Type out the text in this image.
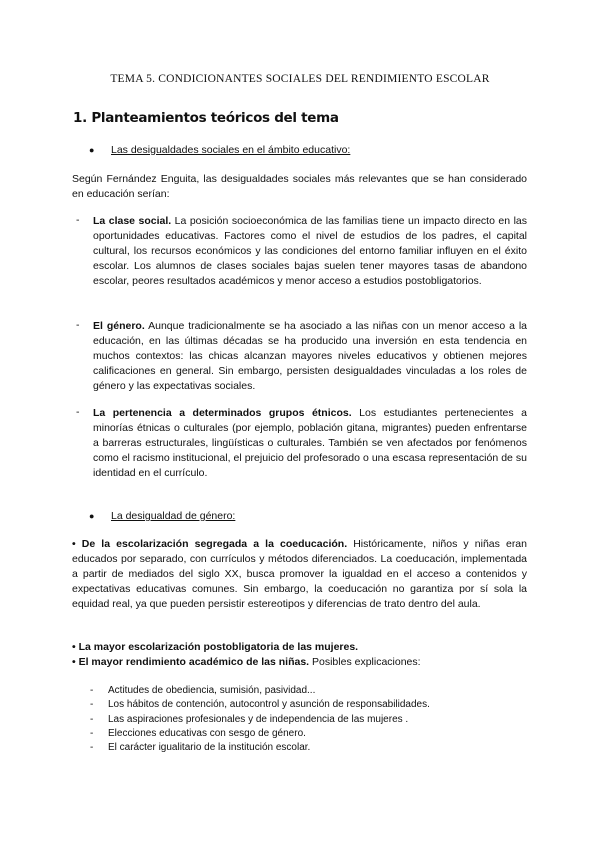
TEMA 5. CONDICIONANTES SOCIALES DEL RENDIMIENTO ESCOLAR
1. Planteamientos teóricos del tema
● Las desigualdades sociales en el ámbito educativo:
Según Fernández Enguita, las desigualdades sociales más relevantes que se han considerado en educación serían:
- La clase social. La posición socioeconómica de las familias tiene un impacto directo en las oportunidades educativas. Factores como el nivel de estudios de los padres, el capital cultural, los recursos económicos y las condiciones del entorno familiar influyen en el éxito escolar. Los alumnos de clases sociales bajas suelen tener mayores tasas de abandono escolar, peores resultados académicos y menor acceso a estudios postobligatorios.
- El género. Aunque tradicionalmente se ha asociado a las niñas con un menor acceso a la educación, en las últimas décadas se ha producido una inversión en esta tendencia en muchos contextos: las chicas alcanzan mayores niveles educativos y obtienen mejores calificaciones en general. Sin embargo, persisten desigualdades vinculadas a los roles de género y las expectativas sociales.
- La pertenencia a determinados grupos étnicos. Los estudiantes pertenecientes a minorías étnicas o culturales (por ejemplo, población gitana, migrantes) pueden enfrentarse a barreras estructurales, lingüísticas o culturales. También se ven afectados por fenómenos como el racismo institucional, el prejuicio del profesorado o una escasa representación de su identidad en el currículo.
● La desigualdad de género:
• De la escolarización segregada a la coeducación. Históricamente, niños y niñas eran educados por separado, con currículos y métodos diferenciados. La coeducación, implementada a partir de mediados del siglo XX, busca promover la igualdad en el acceso a contenidos y expectativas educativas comunes. Sin embargo, la coeducación no garantiza por sí sola la equidad real, ya que pueden persistir estereotipos y diferencias de trato dentro del aula.
• La mayor escolarización postobligatoria de las mujeres.
• El mayor rendimiento académico de las niñas. Posibles explicaciones:
- Actitudes de obediencia, sumisión, pasividad...
- Los hábitos de contención, autocontrol y asunción de responsabilidades.
- Las aspiraciones profesionales y de independencia de las mujeres .
- Elecciones educativas con sesgo de género.
- El carácter igualitario de la institución escolar.
